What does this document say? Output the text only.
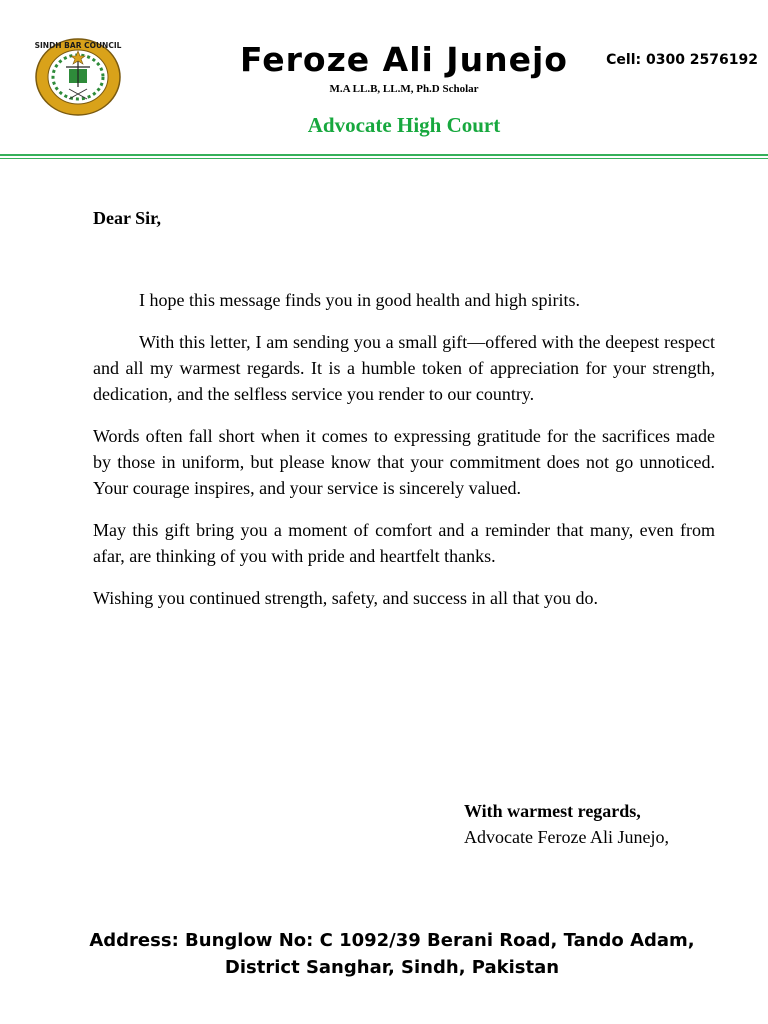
SINDH BAR COUNCIL	Feroze Ali Junejo
M.A LL.B, LL.M, Ph.D Scholar
Cell: 0300 2576192
Advocate High Court

Dear Sir,

I hope this message finds you in good health and high spirits.

With this letter, I am sending you a small gift—offered with the deepest respect and all my warmest regards. It is a humble token of appreciation for your strength, dedication, and the selfless service you render to our country.

Words often fall short when it comes to expressing gratitude for the sacrifices made by those in uniform, but please know that your commitment does not go unnoticed. Your courage inspires, and your service is sincerely valued.

May this gift bring you a moment of comfort and a reminder that many, even from afar, are thinking of you with pride and heartfelt thanks.

Wishing you continued strength, safety, and success in all that you do.

With warmest regards,
Advocate Feroze Ali Junejo,
Address: Bunglow No: C 1092/39 Berani Road, Tando Adam,
District Sanghar, Sindh, Pakistan
